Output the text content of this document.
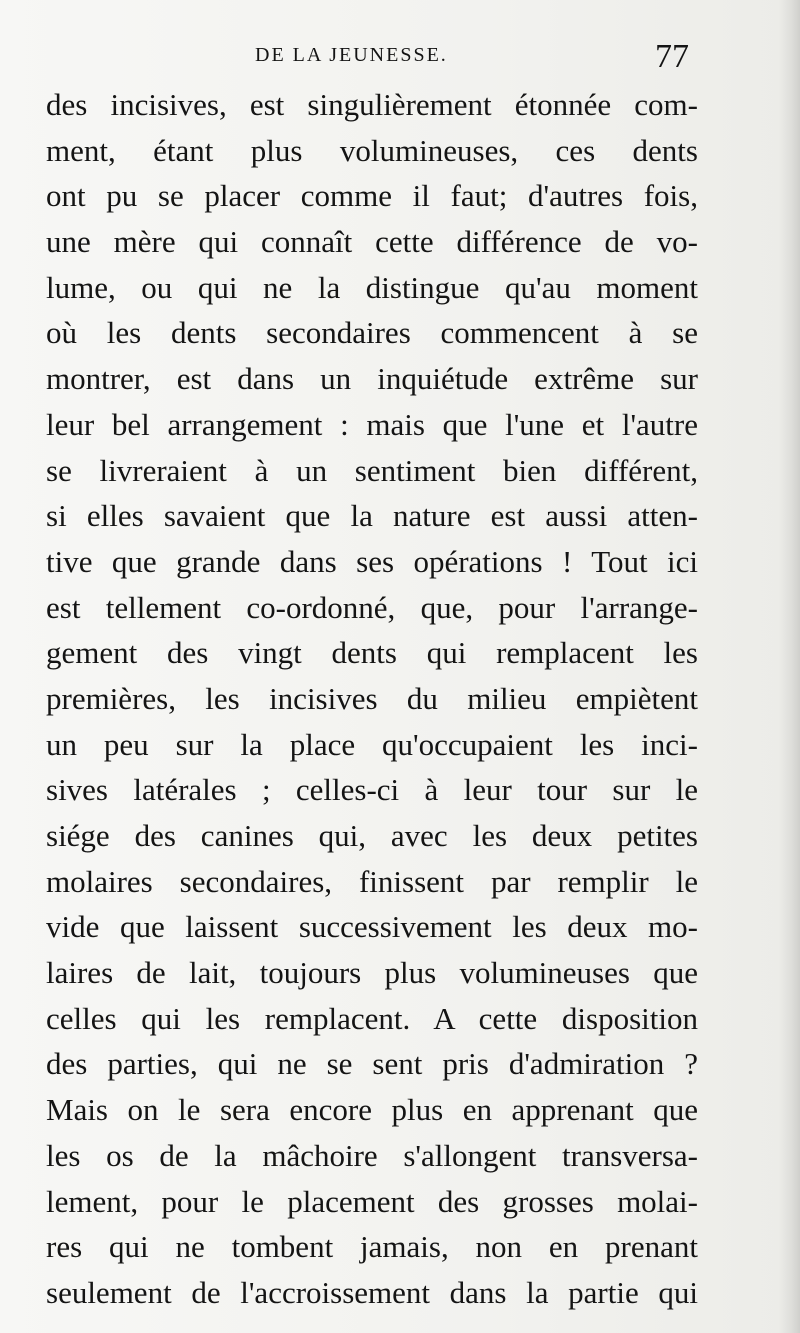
DE LA JEUNESSE.	77
des incisives, est singulièrement étonnée com-
ment, étant plus volumineuses, ces dents
ont pu se placer comme il faut; d'autres fois,
une mère qui connaît cette différence de vo-
lume, ou qui ne la distingue qu'au moment
où les dents secondaires commencent à se
montrer, est dans un inquiétude extrême sur
leur bel arrangement : mais que l'une et l'autre
se livreraient à un sentiment bien différent,
si elles savaient que la nature est aussi atten-
tive que grande dans ses opérations ! Tout ici
est tellement co-ordonné, que, pour l'arrange-
gement des vingt dents qui remplacent les
premières, les incisives du milieu empiètent
un peu sur la place qu'occupaient les inci-
sives latérales ; celles-ci à leur tour sur le
siége des canines qui, avec les deux petites
molaires secondaires, finissent par remplir le
vide que laissent successivement les deux mo-
laires de lait, toujours plus volumineuses que
celles qui les remplacent. A cette disposition
des parties, qui ne se sent pris d'admiration ?
Mais on le sera encore plus en apprenant que
les os de la mâchoire s'allongent transversa-
lement, pour le placement des grosses molai-
res qui ne tombent jamais, non en prenant
seulement de l'accroissement dans la partie qui
